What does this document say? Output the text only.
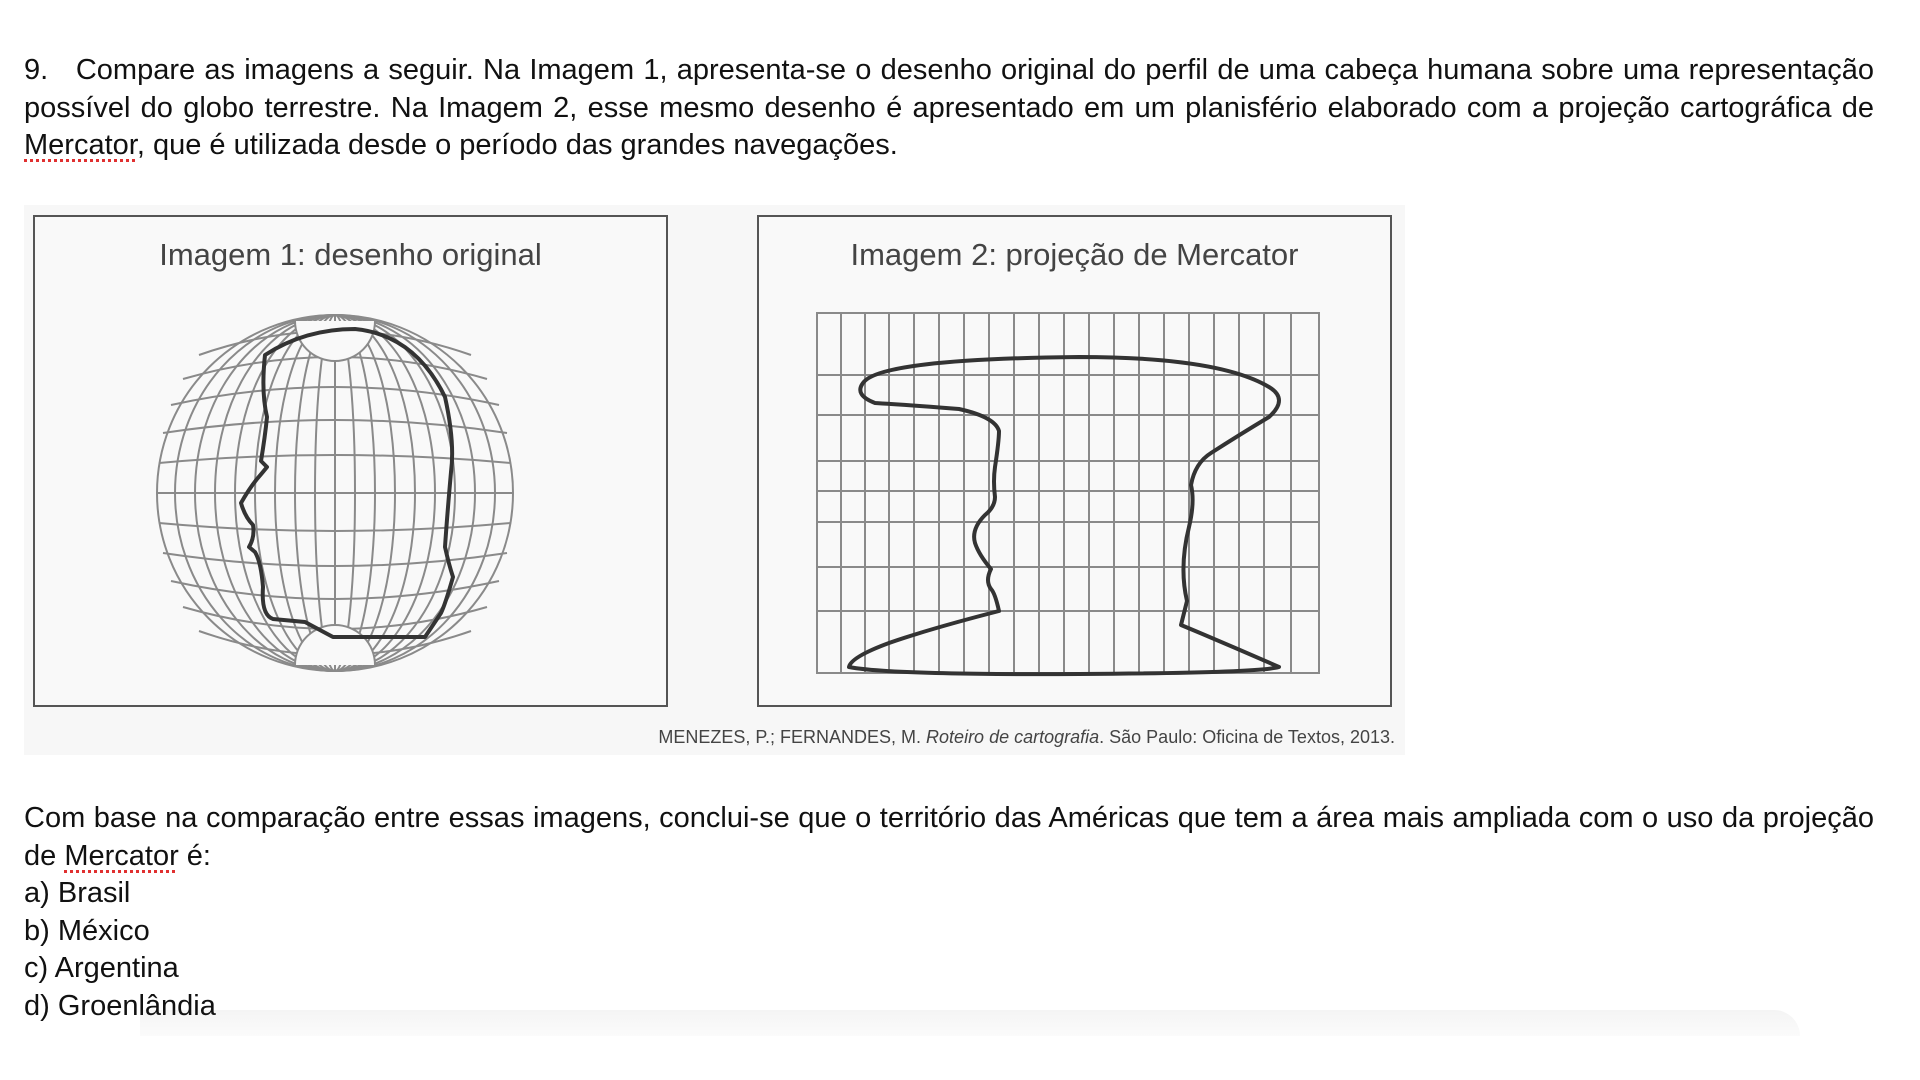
9. Compare as imagens a seguir. Na Imagem 1, apresenta-se o desenho original do perfil de uma cabeça humana sobre uma representação possível do globo terrestre. Na Imagem 2, esse mesmo desenho é apresentado em um planisfério elaborado com a projeção cartográfica de Mercator, que é utilizada desde o período das grandes navegações.
Imagem 1: desenho original	Imagem 2: projeção de Mercator
MENEZES, P.; FERNANDES, M. Roteiro de cartografia. São Paulo: Oficina de Textos, 2013.
Com base na comparação entre essas imagens, conclui-se que o território das Américas que tem a área mais ampliada com o uso da projeção de Mercator é:
a) Brasil
b) México
c) Argentina
d) Groenlândia
